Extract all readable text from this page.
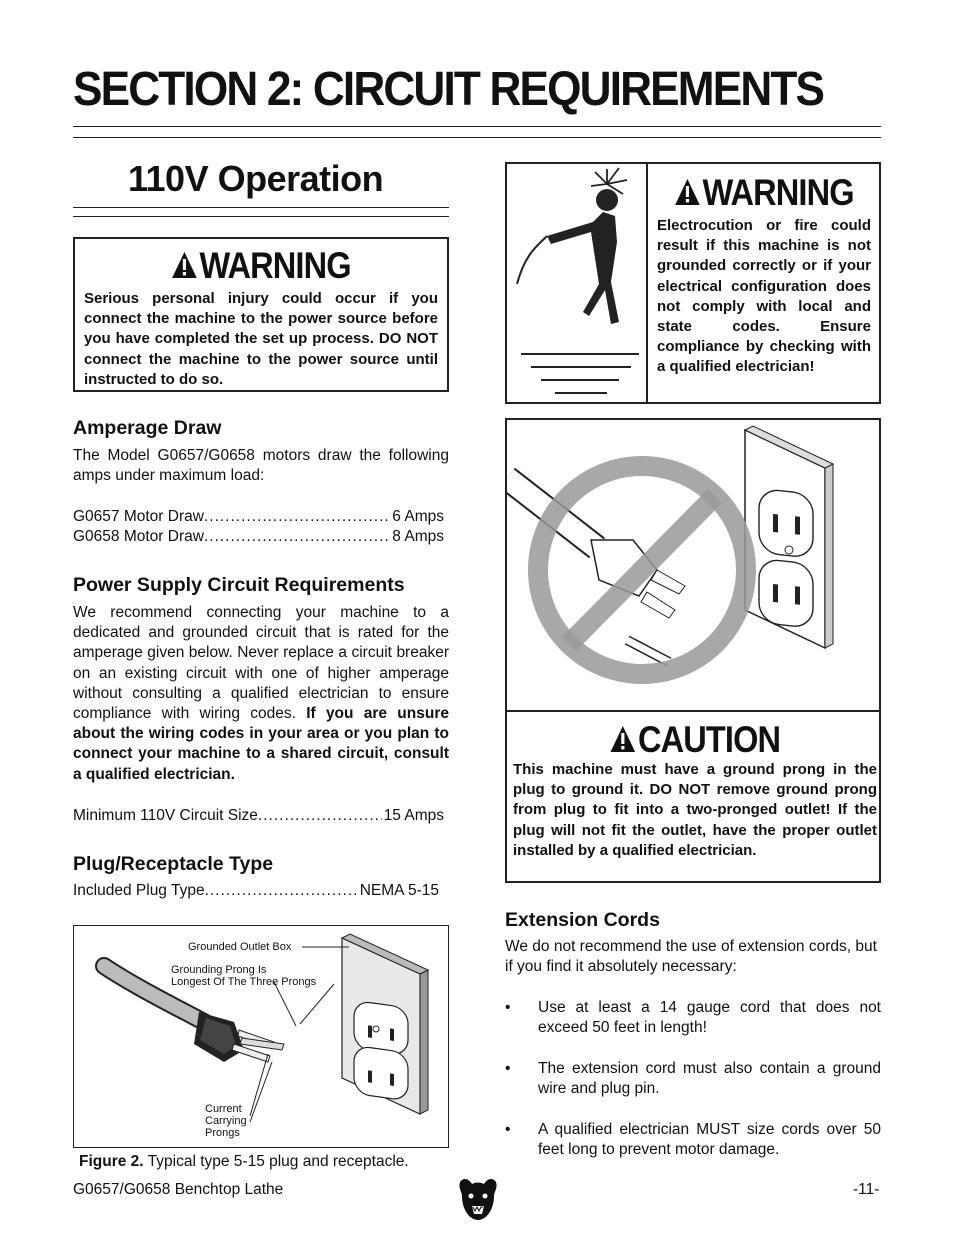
SECTION 2: CIRCUIT REQUIREMENTS
110V Operation
WARNING
Serious personal injury could occur if you connect the machine to the power source before you have completed the set up process. DO NOT connect the machine to the power source until instructed to do so.
Amperage Draw
The Model G0657/G0658 motors draw the following amps under maximum load:
G0657 Motor Draw .....	6 Amps
G0658 Motor Draw .....	8 Amps
Power Supply Circuit Requirements
We recommend connecting your machine to a dedicated and grounded circuit that is rated for the amperage given below. Never replace a circuit breaker on an existing circuit with one of higher amperage without consulting a qualified electrician to ensure compliance with wiring codes. If you are unsure about the wiring codes in your area or you plan to connect your machine to a shared circuit, consult a qualified electrician.
Minimum 110V Circuit Size .....	15 Amps
Plug/Receptacle Type
Included Plug Type .....	NEMA 5-15
Grounded Outlet Box
Grounding Prong Is
Longest Of The Three Prongs
Current
Carrying
Prongs
Figure 2. Typical type 5-15 plug and receptacle.
WARNING
Electrocution or fire could result if this machine is not grounded correctly or if your electrical configuration does not comply with local and state codes. Ensure compliance by checking with a qualified electrician!
CAUTION
This machine must have a ground prong in the plug to ground it. DO NOT remove ground prong from plug to fit into a two-pronged outlet! If the plug will not fit the outlet, have the proper outlet installed by a qualified electrician.
Extension Cords
We do not recommend the use of extension cords, but if you find it absolutely necessary:
•	Use at least a 14 gauge cord that does not exceed 50 feet in length!
•	The extension cord must also contain a ground wire and plug pin.
•	A qualified electrician MUST size cords over 50 feet long to prevent motor damage.
G0657/G0658 Benchtop Lathe	-11-
